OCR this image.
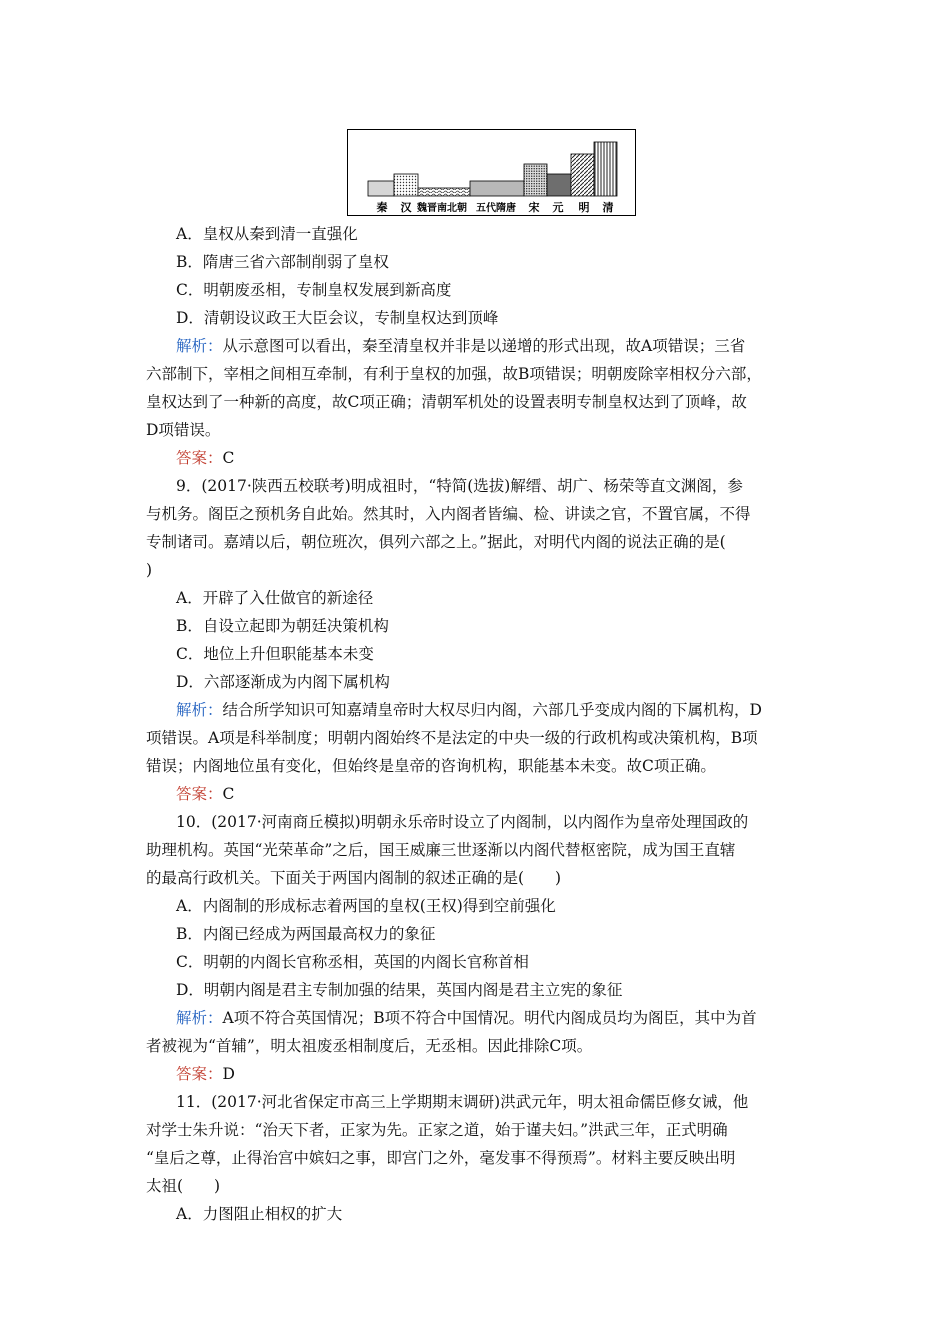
秦 汉 魏晋南北朝 五代隋唐 宋 元 明 清
A．皇权从秦到清一直强化
B．隋唐三省六部制削弱了皇权
C．明朝废丞相，专制皇权发展到新高度
D．清朝设议政王大臣会议，专制皇权达到顶峰
解析：从示意图可以看出，秦至清皇权并非是以递增的形式出现，故A项错误；三省
六部制下，宰相之间相互牵制，有利于皇权的加强，故B项错误；明朝废除宰相权分六部，
皇权达到了一种新的高度，故C项正确；清朝军机处的设置表明专制皇权达到了顶峰，故
D项错误。
答案：C
9．(2017·陕西五校联考)明成祖时，“特简(选拔)解缙、胡广、杨荣等直文渊阁，参
与机务。阁臣之预机务自此始。然其时，入内阁者皆编、检、讲读之官，不置官属，不得
专制诸司。嘉靖以后，朝位班次，俱列六部之上。”据此，对明代内阁的说法正确的是(
)
A．开辟了入仕做官的新途径
B．自设立起即为朝廷决策机构
C．地位上升但职能基本未变
D．六部逐渐成为内阁下属机构
解析：结合所学知识可知嘉靖皇帝时大权尽归内阁，六部几乎变成内阁的下属机构，D
项错误。A项是科举制度；明朝内阁始终不是法定的中央一级的行政机构或决策机构，B项
错误；内阁地位虽有变化，但始终是皇帝的咨询机构，职能基本未变。故C项正确。
答案：C
10．(2017·河南商丘模拟)明朝永乐帝时设立了内阁制，以内阁作为皇帝处理国政的
助理机构。英国“光荣革命”之后，国王威廉三世逐渐以内阁代替枢密院，成为国王直辖
的最高行政机关。下面关于两国内阁制的叙述正确的是(　　)
A．内阁制的形成标志着两国的皇权(王权)得到空前强化
B．内阁已经成为两国最高权力的象征
C．明朝的内阁长官称丞相，英国的内阁长官称首相
D．明朝内阁是君主专制加强的结果，英国内阁是君主立宪的象征
解析：A项不符合英国情况；B项不符合中国情况。明代内阁成员均为阁臣，其中为首
者被视为“首辅”，明太祖废丞相制度后，无丞相。因此排除C项。
答案：D
11．(2017·河北省保定市高三上学期期末调研)洪武元年，明太祖命儒臣修女诫，他
对学士朱升说：“治天下者，正家为先。正家之道，始于谨夫妇。”洪武三年，正式明确
“皇后之尊，止得治宫中嫔妇之事，即宫门之外，毫发事不得预焉”。材料主要反映出明
太祖(　　)
A．力图阻止相权的扩大
